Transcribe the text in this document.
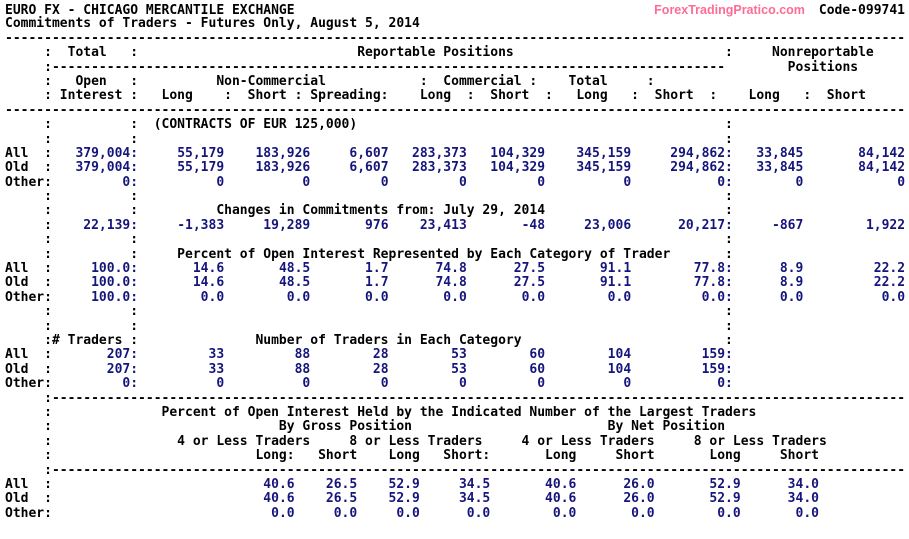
EURO FX - CHICAGO MERCANTILE EXCHANGE	ForexTradingPratico.com Code-099741
Commitments of Traders - Futures Only, August 5, 2014
-------------------------------------------------------------------------------------------------------------------
:  Total   :                            Reportable Positions                           :     Nonreportable
:--------------------------------------------------------------------------------------        Positions
:   Open   :          Non-Commercial            :  Commercial :    Total     :
: Interest :   Long    :  Short : Spreading:    Long  :  Short  :   Long   :  Short  :    Long   :  Short
-------------------------------------------------------------------------------------------------------------------
:          :  (CONTRACTS OF EUR 125,000)                                               :
:          :                                                                           :
All  :   379,004:     55,179    183,926     6,607   283,373   104,329    345,159     294,862:   33,845       84,142
Old  :   379,004:     55,179    183,926     6,607   283,373   104,329    345,159     294,862:   33,845       84,142
Other:         0:          0          0         0         0         0          0           0:        0            0
:          :                                                                           :
:          :          Changes in Commitments from: July 29, 2014                       :
:    22,139:     -1,383     19,289       976    23,413       -48     23,006      20,217:     -867        1,922
:          :                                                                           :
:          :     Percent of Open Interest Represented by Each Category of Trader       :
All  :     100.0:       14.6       48.5       1.7      74.8      27.5       91.1        77.8:      8.9         22.2
Old  :     100.0:       14.6       48.5       1.7      74.8      27.5       91.1        77.8:      8.9         22.2
Other:     100.0:        0.0        0.0       0.0       0.0       0.0        0.0         0.0:      0.0          0.0
:          :                                                                           :
:          :                                                                           :
:# Traders :               Number of Traders in Each Category                          :
All  :       207:         33         88        28        53        60        104         159:
Old  :       207:         33         88        28        53        60        104         159:
Other:         0:          0          0         0         0         0          0           0:
:-------------------------------------------------------------------------------------------------------------
:              Percent of Open Interest Held by the Indicated Number of the Largest Traders
:                             By Gross Position                         By Net Position
:                4 or Less Traders     8 or Less Traders     4 or Less Traders     8 or Less Traders
:                          Long:   Short    Long   Short:       Long     Short       Long     Short
:-------------------------------------------------------------------------------------------------------------
All  :                           40.6    26.5    52.9     34.5       40.6      26.0       52.9      34.0
Old  :                           40.6    26.5    52.9     34.5       40.6      26.0       52.9      34.0
Other:                            0.0     0.0     0.0      0.0        0.0       0.0        0.0       0.0
